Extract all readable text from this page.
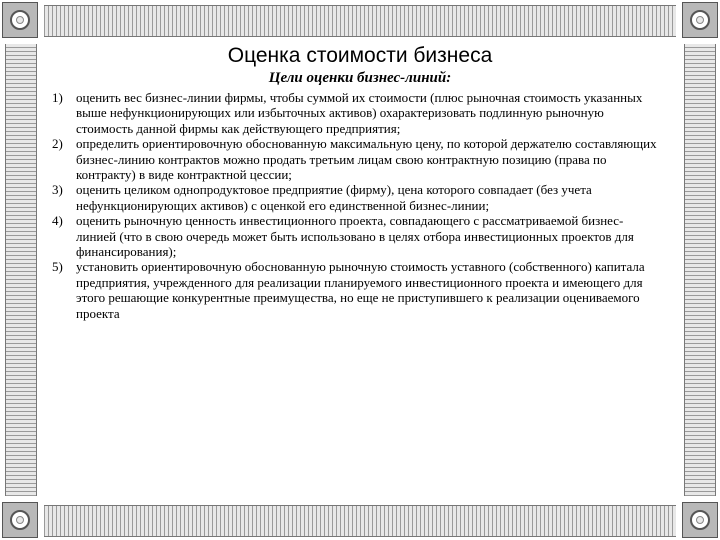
Оценка стоимости бизнеса
Цели оценки бизнес-линий:
1) оценить вес бизнес-линии фирмы, чтобы суммой их стоимости (плюс рыночная стоимость указанных выше нефункционирующих или избыточных активов) охарактеризовать подлинную рыночную стоимость данной фирмы как действующего предприятия;
2) определить ориентировочную обоснованную максимальную цену, по которой держателю составляющих бизнес-линию контрактов можно продать третьим лицам свою контрактную позицию (права по контракту) в виде контрактной цессии;
3) оценить целиком однопродуктовое предприятие (фирму), цена которого совпадает (без учета нефункционирующих активов) с оценкой его единственной бизнес-линии;
4) оценить рыночную ценность инвестиционного проекта, совпадающего с рассматриваемой бизнес-линией (что в свою очередь может быть использовано в целях отбора инвестиционных проектов для финансирования);
5) установить ориентировочную обоснованную рыночную стоимость уставного (собственного) капитала предприятия, учрежденного для реализации планируемого инвестиционного проекта и имеющего для этого решающие конкурентные преимущества, но еще не приступившего к реализации оцениваемого проекта
